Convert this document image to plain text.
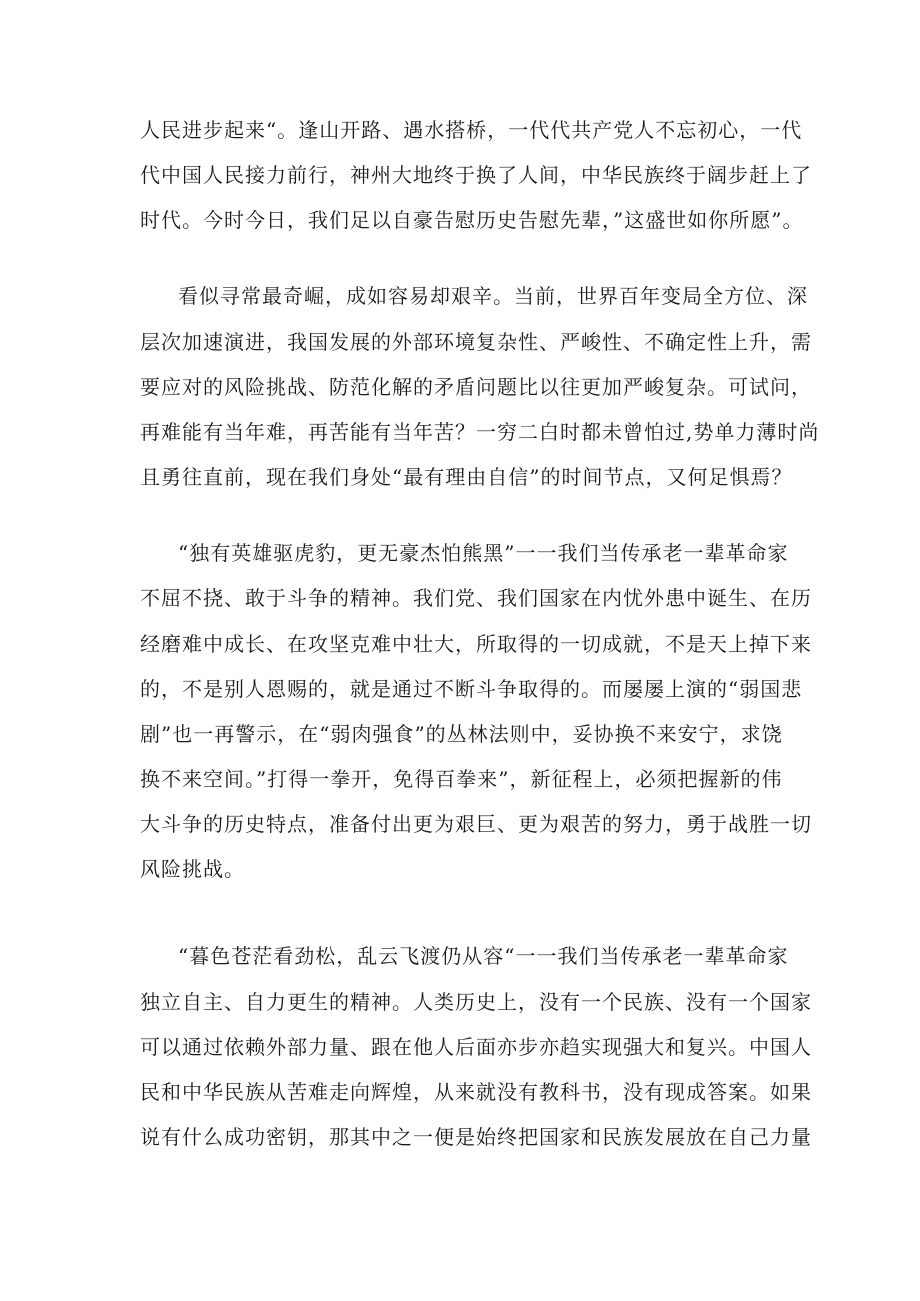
人民进步起来“。逢山开路、遇水搭桥，一代代共产党人不忘初心，一代
代中国人民接力前行，神州大地终于换了人间，中华民族终于阔步赶上了
时代。今时今日，我们足以自豪告慰历史告慰先辈，”这盛世如你所愿”。
看似寻常最奇崛，成如容易却艰辛。当前，世界百年变局全方位、深
层次加速演进，我国发展的外部环境复杂性、严峻性、不确定性上升，需
要应对的风险挑战、防范化解的矛盾问题比以往更加严峻复杂。可试问，
再难能有当年难，再苦能有当年苦？一穷二白时都未曾怕过,势单力薄时尚
且勇往直前，现在我们身处“最有理由自信”的时间节点，又何足惧焉？
“独有英雄驱虎豹，更无豪杰怕熊黑”一一我们当传承老一辈革命家
不屈不挠、敢于斗争的精神。我们党、我们国家在内忧外患中诞生、在历
经磨难中成长、在攻坚克难中壮大，所取得的一切成就，不是天上掉下来
的，不是别人恩赐的，就是通过不断斗争取得的。而屡屡上演的“弱国悲
剧”也一再警示，在“弱肉强食”的丛林法则中，妥协换不来安宁，求饶
换不来空间。”打得一拳开，免得百拳来”，新征程上，必须把握新的伟
大斗争的历史特点，准备付出更为艰巨、更为艰苦的努力，勇于战胜一切
风险挑战。
“暮色苍茫看劲松，乱云飞渡仍从容“一一我们当传承老一辈革命家
独立自主、自力更生的精神。人类历史上，没有一个民族、没有一个国家
可以通过依赖外部力量、跟在他人后面亦步亦趋实现强大和复兴。中国人
民和中华民族从苦难走向辉煌，从来就没有教科书，没有现成答案。如果
说有什么成功密钥，那其中之一便是始终把国家和民族发展放在自己力量
